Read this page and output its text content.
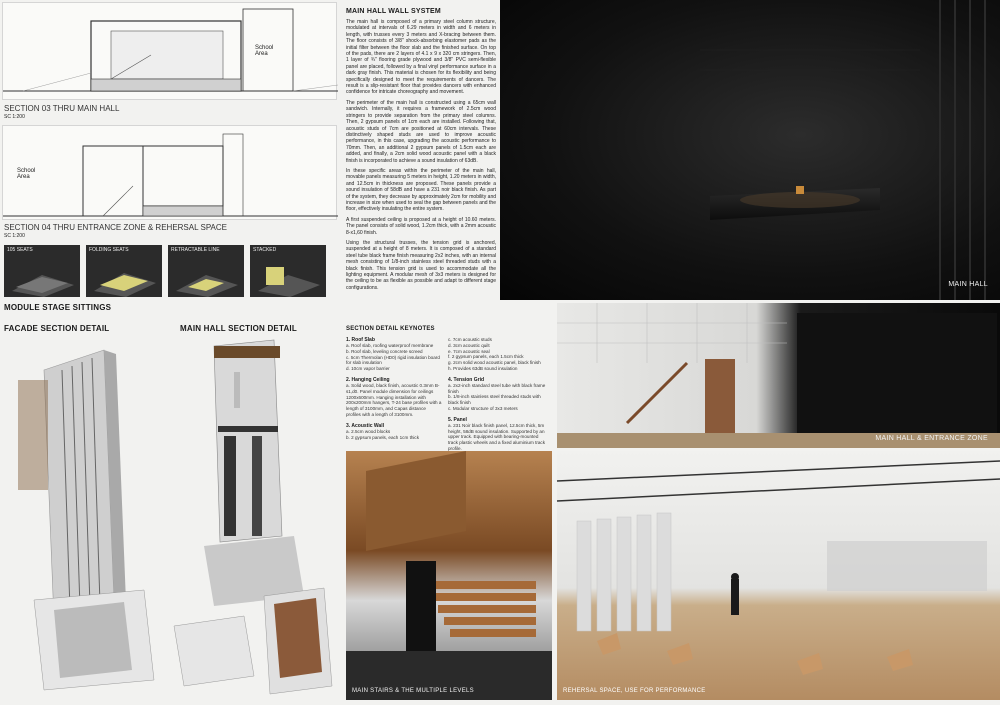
School Area
SECTION 03 THRU MAIN HALL
SC 1:200
School Area
SECTION 04 THRU ENTRANCE ZONE & REHERSAL SPACE
SC 1:200
105 SEATS	FOLDING SEATS	RETRACTABLE LINE	STACKED
MODULE STAGE SITTINGS
MAIN HALL WALL SYSTEM

The main hall is composed of a primary steel column structure, modulated at intervals of 6.29 meters in width and 6 meters in length, with trusses every 3 meters and X-bracing between them. The floor consists of 3/8" shock-absorbing elastomer pads as the initial filter between the floor slab and the finished surface. On top of the pads, there are 2 layers of 4.1 x 9 x 320 cm stringers. Then, 1 layer of ¾" flooring grade plywood and 3/8" PVC semi-flexible panel are placed, followed by a final vinyl performance surface in a dark gray finish. This material is chosen for its flexibility and being specifically designed to meet the requirements of dancers. The result is a slip-resistant floor that provides dancers with enhanced confidence for intricate choreography and movement.

The perimeter of the main hall is constructed using a 65cm wall sandwich. Internally, it requires a framework of 2.5cm wood stringers to provide separation from the primary steel columns. Then, 2 gypsum panels of 1cm each are installed. Following that, acoustic studs of 7cm are positioned at 60cm intervals. These distinctively shaped studs are used to improve acoustic performance, in this case, upgrading the acoustic performance to 70mm. Then, an additional 2 gypsum panels of 1.5cm each are added, and finally, a 2cm solid wood acoustic panel with a black finish is incorporated to achieve a sound insulation of 63dB.

In these specific areas within the perimeter of the main hall, movable panels measuring 5 meters in height, 1.20 meters in width, and 12.5cm in thickness are proposed. These panels provide a sound insulation of 58dB and have a 231 noir black finish. As part of the system, they decrease by approximately 2cm for mobility and increase in size when used to seal the gap between panels and the floor, effectively insulating the entire system.

A first suspended ceiling is proposed at a height of 10.60 meters. The panel consists of solid wood, 1.2cm thick, with a 2mm acoustic 8-x1,60 finish.

Using the structural trusses, the tension grid is anchored, suspended at a height of 8 meters. It is composed of a standard steel tube black frame finish measuring 2x2 inches, with an internal mesh consisting of 1/8-inch stainless steel threaded studs with a black finish. This tension grid is used to accommodate all the lighting equipment. A modular mesh of 3x3 meters is designed for the ceiling to be as flexible as possible and adapt to different stage configurations.	MAIN HALL
FACADE SECTION DETAIL	MAIN HALL SECTION DETAIL	SECTION DETAIL KEYNOTES
1. Roof Slab
a. Roof slab, roofing waterproof membrane
b. Roof slab, leveling concrete screed
c. 5cm Thermolan (HD0) rigid insulation board for slab insulation
d. 10cm vapor barrier
2. Hanging Ceiling
a. Solid wood, black finish, acoustic 0.3mm B-s1,d0. Panel module dimension for ceilings 1200x600mm. Hanging installation with 200x200mm hangers, T-24 base profiles with a length of 3100mm, and Capas distance profiles with a length of 3100mm.
3. Acoustic Wall
a. 2.5cm wood blocks
b. 2 gypsum panels, each 1cm thick
c. 7cm acoustic studs
d. 3cm acoustic quilt
e. 7cm acoustic seal
f. 2 gypsum panels, each 1.5cm thick
g. 2cm solid wood acoustic panel, black finish
h. Provides 63dB sound insulation
4. Tension Grid
a. 2x2-inch standard steel tube with black frame finish
b. 1/8-inch stainless steel threaded studs with black finish
c. Modular structure of 3x3 meters
5. Panel
a. 231 Noir black finish panel, 12.5cm thick, 5m height, 58dB sound insulation. Supported by an upper track. Equipped with bearing-mounted track plastic wheels and a fixed aluminium track profile.
MAIN HALL & ENTRANCE ZONE
MAIN STAIRS & THE MULTIPLE LEVELS	REHERSAL SPACE, USE FOR PERFORMANCE
